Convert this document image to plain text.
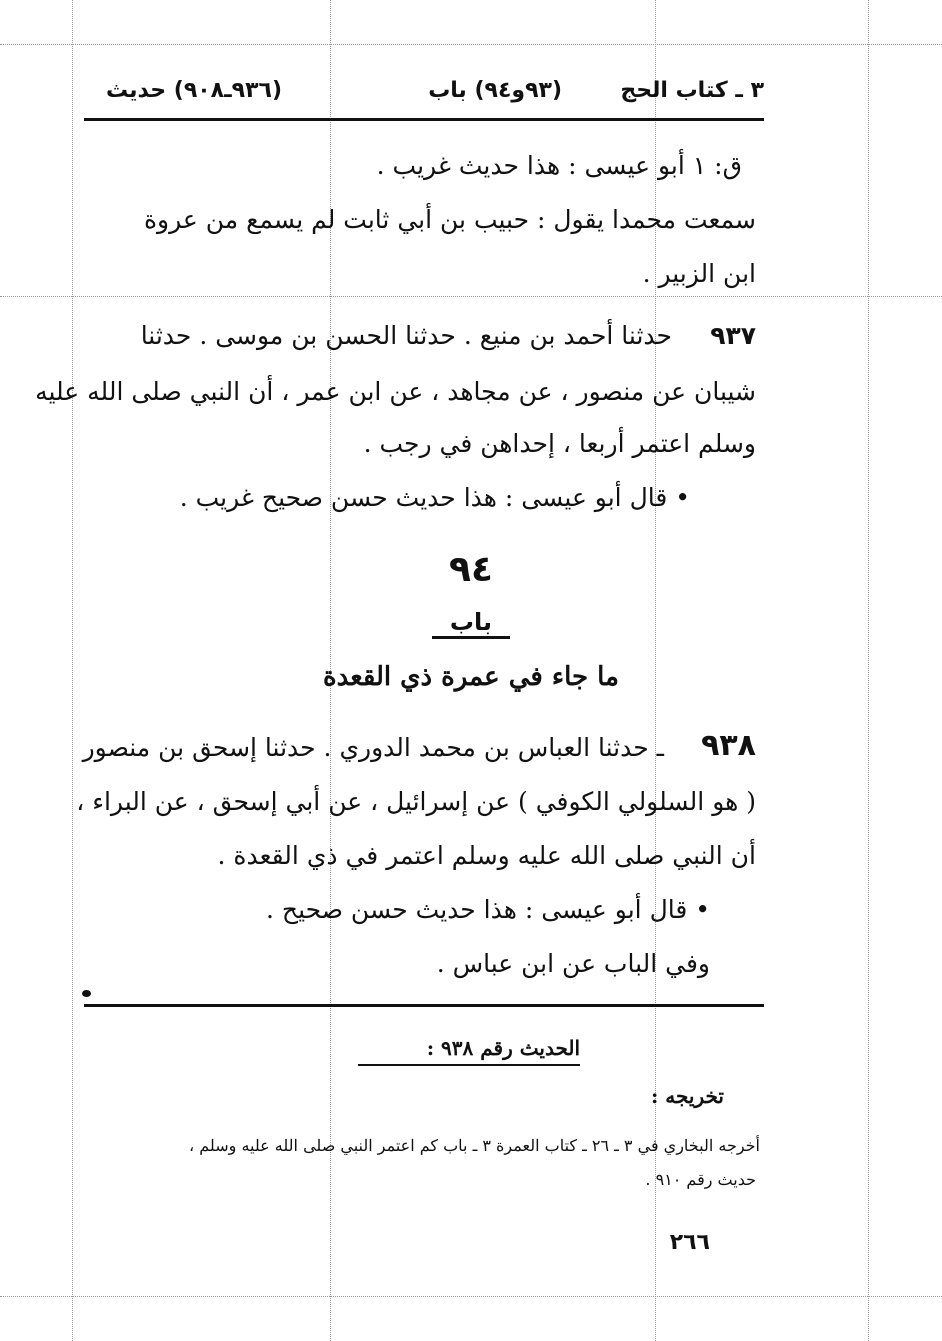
٣ ـ كتاب الحج
(٩٣و٩٤) باب
(٩٣٦ـ٩٠٨) حديث
ق: ١ أبو عيسى : هذا حديث غريب .
سمعت محمدا يقول : حبيب بن أبي ثابت لم يسمع من عروة
ابن الزبير .
٩٣٧
حدثنا أحمد بن منيع . حدثنا الحسن بن موسى . حدثنا
شيبان عن منصور ، عن مجاهد ، عن ابن عمر ، أن النبي صلى الله عليه
وسلم اعتمر أربعا ، إحداهن في رجب .
• قال أبو عيسى : هذا حديث حسن صحيح غريب .
٩٤
باب
ما جاء في عمرة ذي القعدة
٩٣٨
ـ حدثنا العباس بن محمد الدوري . حدثنا إسحق بن منصور
( هو السلولي الكوفي ) عن إسرائيل ، عن أبي إسحق ، عن البراء ،
أن النبي صلى الله عليه وسلم اعتمر في ذي القعدة .
• قال أبو عيسى : هذا حديث حسن صحيح .
وفي الباب عن ابن عباس .
الحديث رقم ٩٣٨ :
تخريجه :
أخرجه البخاري في ٣ ـ ٢٦ ـ كتاب العمرة ٣ ـ باب كم اعتمر النبي صلى الله عليه وسلم ،
حديث رقم ٩١٠ .
٢٦٦
